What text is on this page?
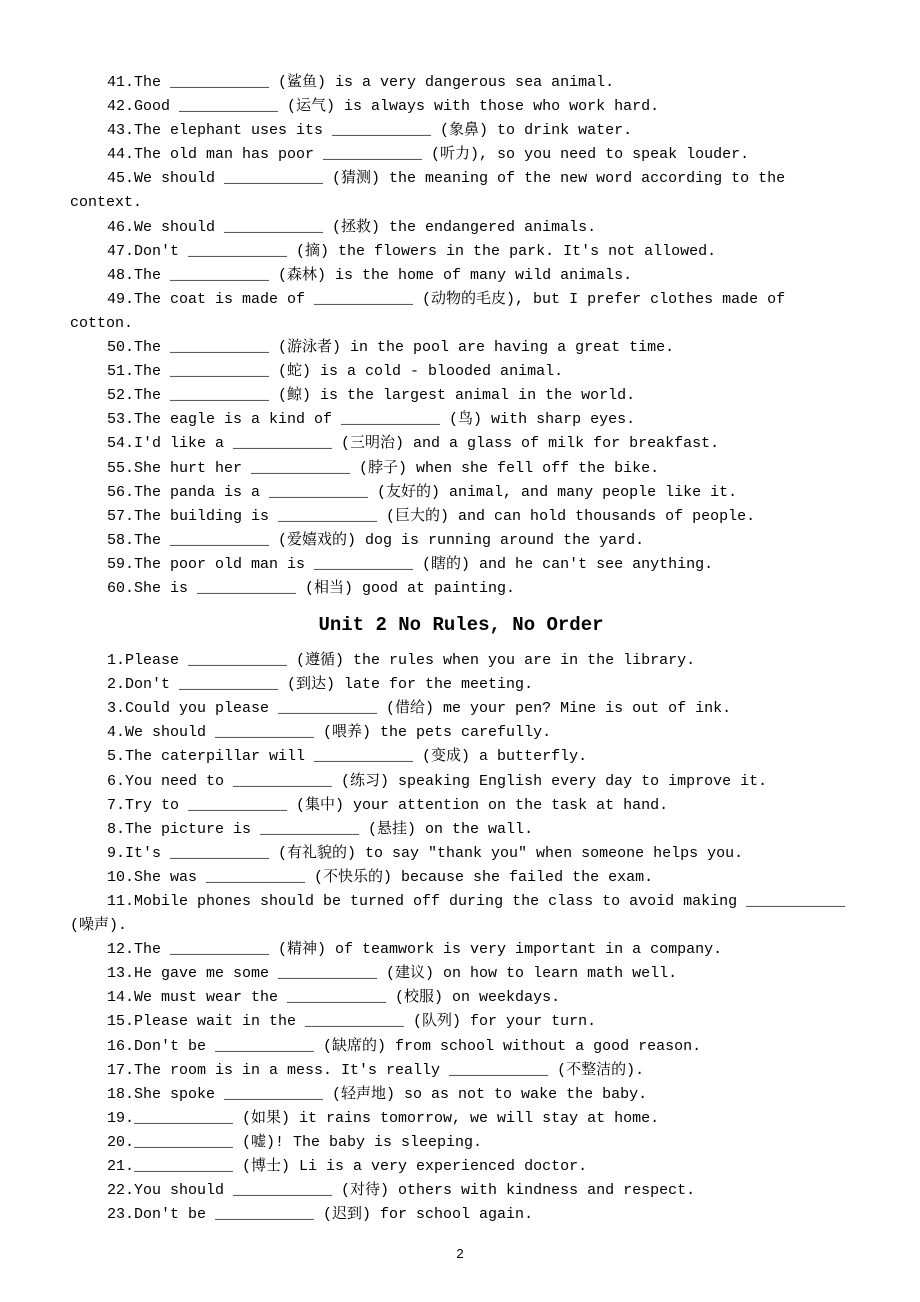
41.The ___________ (鲨鱼) is a very dangerous sea animal.
42.Good ___________ (运气) is always with those who work hard.
43.The elephant uses its ___________ (象鼻) to drink water.
44.The old man has poor ___________ (听力), so you need to speak louder.
45.We should ___________ (猜测) the meaning of the new word according to the context.
46.We should ___________ (拯救) the endangered animals.
47.Don't ___________ (摘) the flowers in the park. It's not allowed.
48.The ___________ (森林) is the home of many wild animals.
49.The coat is made of ___________ (动物的毛皮), but I prefer clothes made of cotton.
50.The ___________ (游泳者) in the pool are having a great time.
51.The ___________ (蛇) is a cold - blooded animal.
52.The ___________ (鲸) is the largest animal in the world.
53.The eagle is a kind of ___________ (鸟) with sharp eyes.
54.I'd like a ___________ (三明治) and a glass of milk for breakfast.
55.She hurt her ___________ (脖子) when she fell off the bike.
56.The panda is a ___________ (友好的) animal, and many people like it.
57.The building is ___________ (巨大的) and can hold thousands of people.
58.The ___________ (爱嬉戏的) dog is running around the yard.
59.The poor old man is ___________ (瞎的) and he can't see anything.
60.She is ___________ (相当) good at painting.
Unit 2 No Rules, No Order
1.Please ___________ (遵循) the rules when you are in the library.
2.Don't ___________ (到达) late for the meeting.
3.Could you please ___________ (借给) me your pen? Mine is out of ink.
4.We should ___________ (喂养) the pets carefully.
5.The caterpillar will ___________ (变成) a butterfly.
6.You need to ___________ (练习) speaking English every day to improve it.
7.Try to ___________ (集中) your attention on the task at hand.
8.The picture is ___________ (悬挂) on the wall.
9.It's ___________ (有礼貌的) to say "thank you" when someone helps you.
10.She was ___________ (不快乐的) because she failed the exam.
11.Mobile phones should be turned off during the class to avoid making ___________ (噪声).
12.The ___________ (精神) of teamwork is very important in a company.
13.He gave me some ___________ (建议) on how to learn math well.
14.We must wear the ___________ (校服) on weekdays.
15.Please wait in the ___________ (队列) for your turn.
16.Don't be ___________ (缺席的) from school without a good reason.
17.The room is in a mess. It's really ___________ (不整洁的).
18.She spoke ___________ (轻声地) so as not to wake the baby.
19.___________ (如果) it rains tomorrow, we will stay at home.
20.___________ (嘘)! The baby is sleeping.
21.___________ (博士) Li is a very experienced doctor.
22.You should ___________ (对待) others with kindness and respect.
23.Don't be ___________ (迟到) for school again.
2
